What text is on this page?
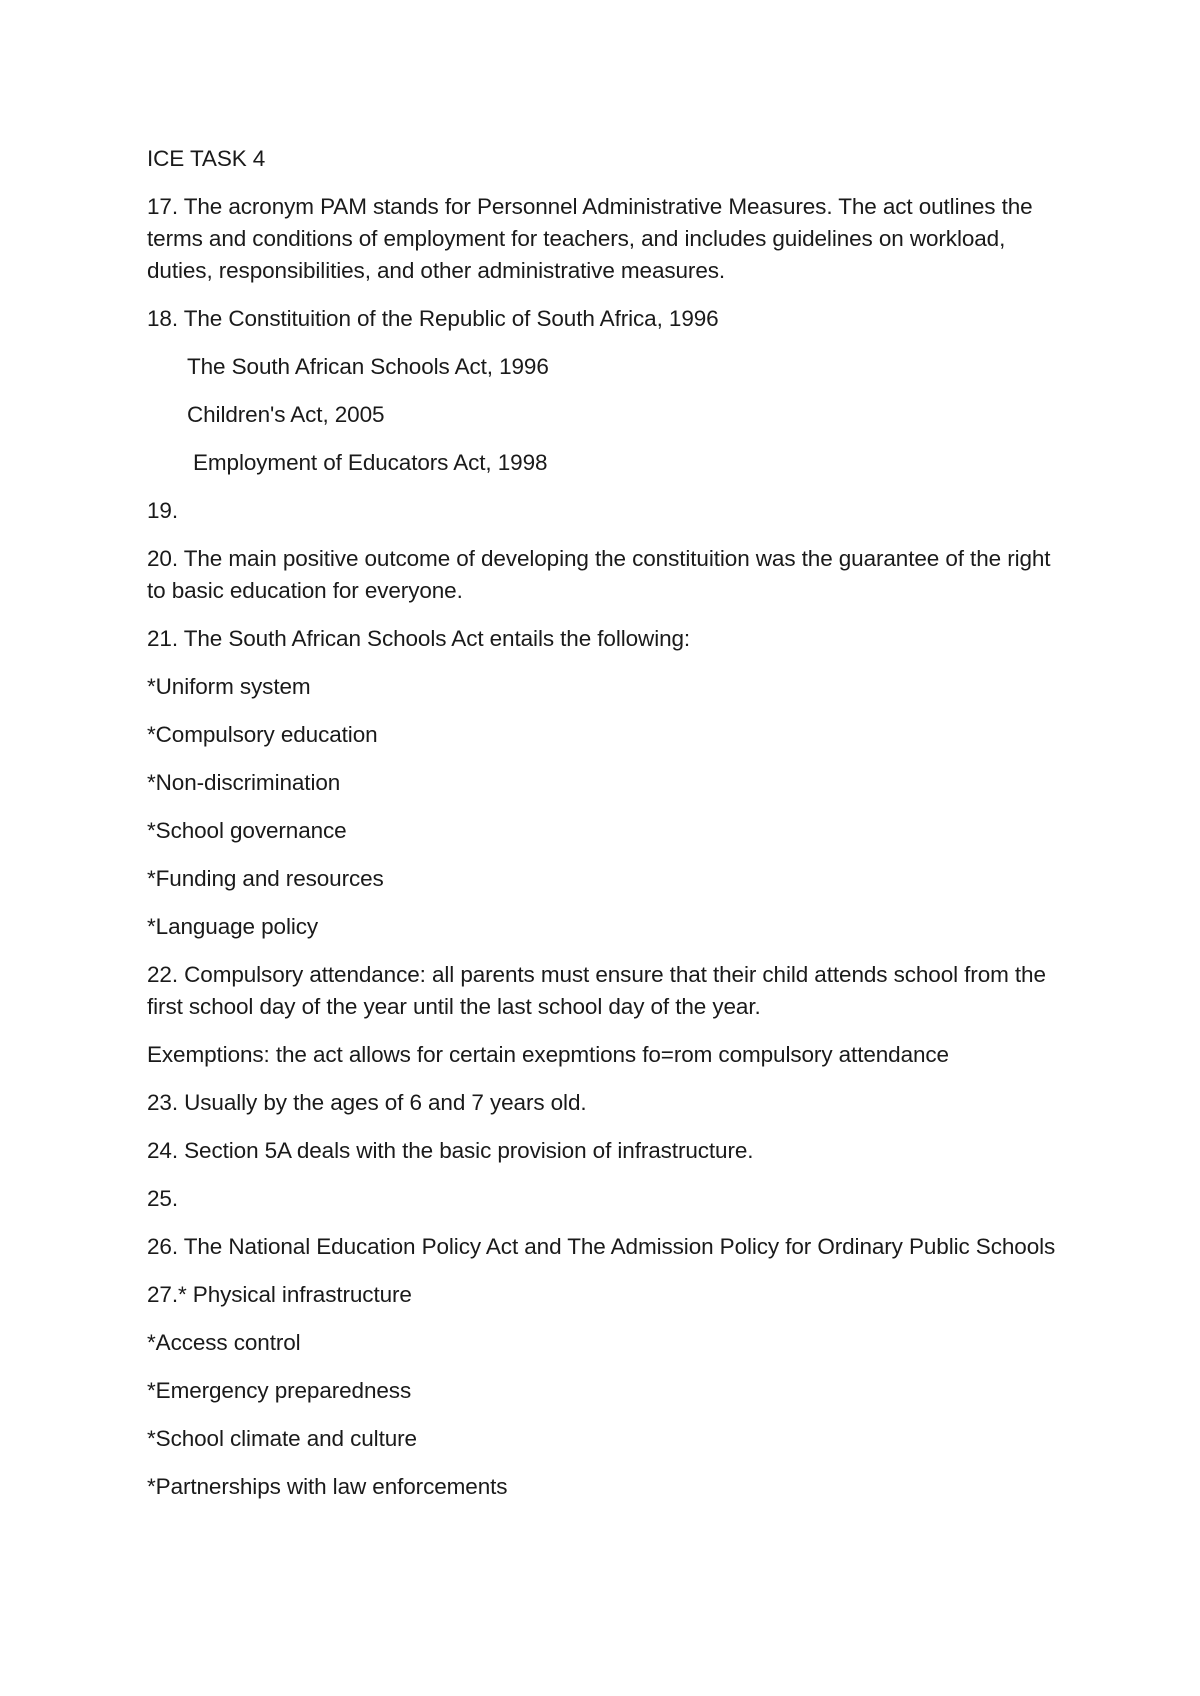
ICE TASK 4

17. The acronym PAM stands for Personnel Administrative Measures. The act outlines the terms and conditions of employment for teachers, and includes guidelines on workload, duties, responsibilities, and other administrative measures.

18. The Constituition of the Republic of South Africa, 1996

The South African Schools Act, 1996

Children's Act, 2005

Employment of Educators Act, 1998

19.

20. The main positive outcome of developing the constituition was the guarantee of the right to basic education for everyone.

21. The South African Schools Act entails the following:

*Uniform system

*Compulsory education

*Non-discrimination

*School governance

*Funding and resources

*Language policy

22. Compulsory attendance: all parents must ensure that their child attends school from the first school day of the year until the last school day of the year.

Exemptions: the act allows for certain exepmtions fo=rom compulsory attendance

23. Usually by the ages of 6 and 7 years old.

24. Section 5A deals with the basic provision of infrastructure.

25.

26. The National Education Policy Act and The Admission Policy for Ordinary Public Schools

27.* Physical infrastructure

*Access control

*Emergency preparedness

*School climate and culture

*Partnerships with law enforcements
